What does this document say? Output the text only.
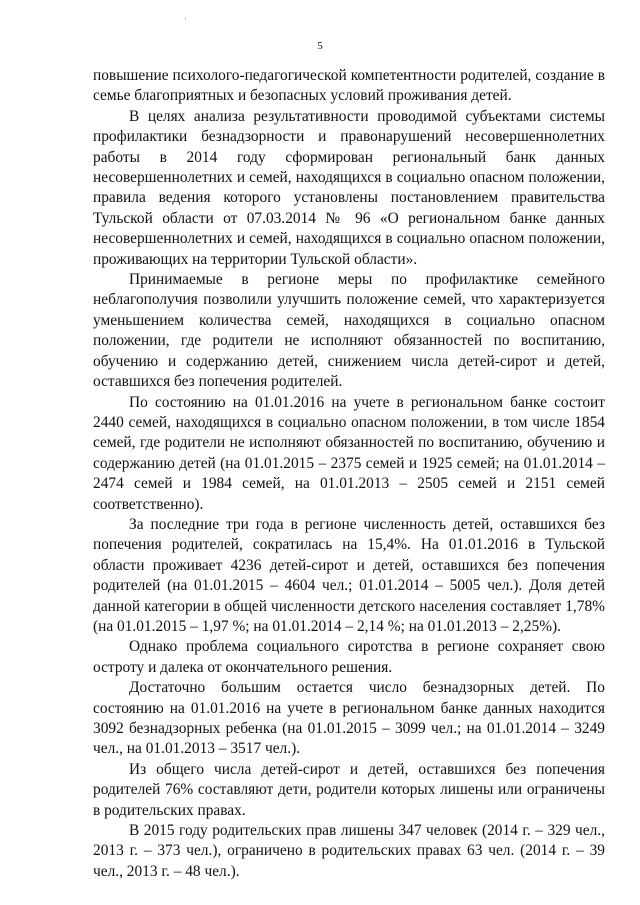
5

повышение психолого-педагогической компетентности родителей, создание в семье благоприятных и безопасных условий проживания детей.

В целях анализа результативности проводимой субъектами системы профилактики безнадзорности и правонарушений несовершеннолетних работы в 2014 году сформирован региональный банк данных несовершеннолетних и семей, находящихся в социально опасном положении, правила ведения которого установлены постановлением правительства Тульской области от 07.03.2014 № 96 «О региональном банке данных несовершеннолетних и семей, находящихся в социально опасном положении, проживающих на территории Тульской области».

Принимаемые в регионе меры по профилактике семейного неблагополучия позволили улучшить положение семей, что характеризуется уменьшением количества семей, находящихся в социально опасном положении, где родители не исполняют обязанностей по воспитанию, обучению и содержанию детей, снижением числа детей-сирот и детей, оставшихся без попечения родителей.

По состоянию на 01.01.2016 на учете в региональном банке состоит 2440 семей, находящихся в социально опасном положении, в том числе 1854 семей, где родители не исполняют обязанностей по воспитанию, обучению и содержанию детей (на 01.01.2015 – 2375 семей и 1925 семей; на 01.01.2014 – 2474 семей и 1984 семей, на 01.01.2013 – 2505 семей и 2151 семей соответственно).

За последние три года в регионе численность детей, оставшихся без попечения родителей, сократилась на 15,4%. На 01.01.2016 в Тульской области проживает 4236 детей-сирот и детей, оставшихся без попечения родителей (на 01.01.2015 – 4604 чел.; 01.01.2014 – 5005 чел.). Доля детей данной категории в общей численности детского населения составляет 1,78% (на 01.01.2015 – 1,97 %; на 01.01.2014 – 2,14 %; на 01.01.2013 – 2,25%).

Однако проблема социального сиротства в регионе сохраняет свою остроту и далека от окончательного решения.

Достаточно большим остается число безнадзорных детей. По состоянию на 01.01.2016 на учете в региональном банке данных находится 3092 безнадзорных ребенка (на 01.01.2015 – 3099 чел.; на 01.01.2014 – 3249 чел., на 01.01.2013 – 3517 чел.).

Из общего числа детей-сирот и детей, оставшихся без попечения родителей 76% составляют дети, родители которых лишены или ограничены в родительских правах.

В 2015 году родительских прав лишены 347 человек (2014 г. – 329 чел., 2013 г. – 373 чел.), ограничено в родительских правах 63 чел. (2014 г. – 39 чел., 2013 г. – 48 чел.).
